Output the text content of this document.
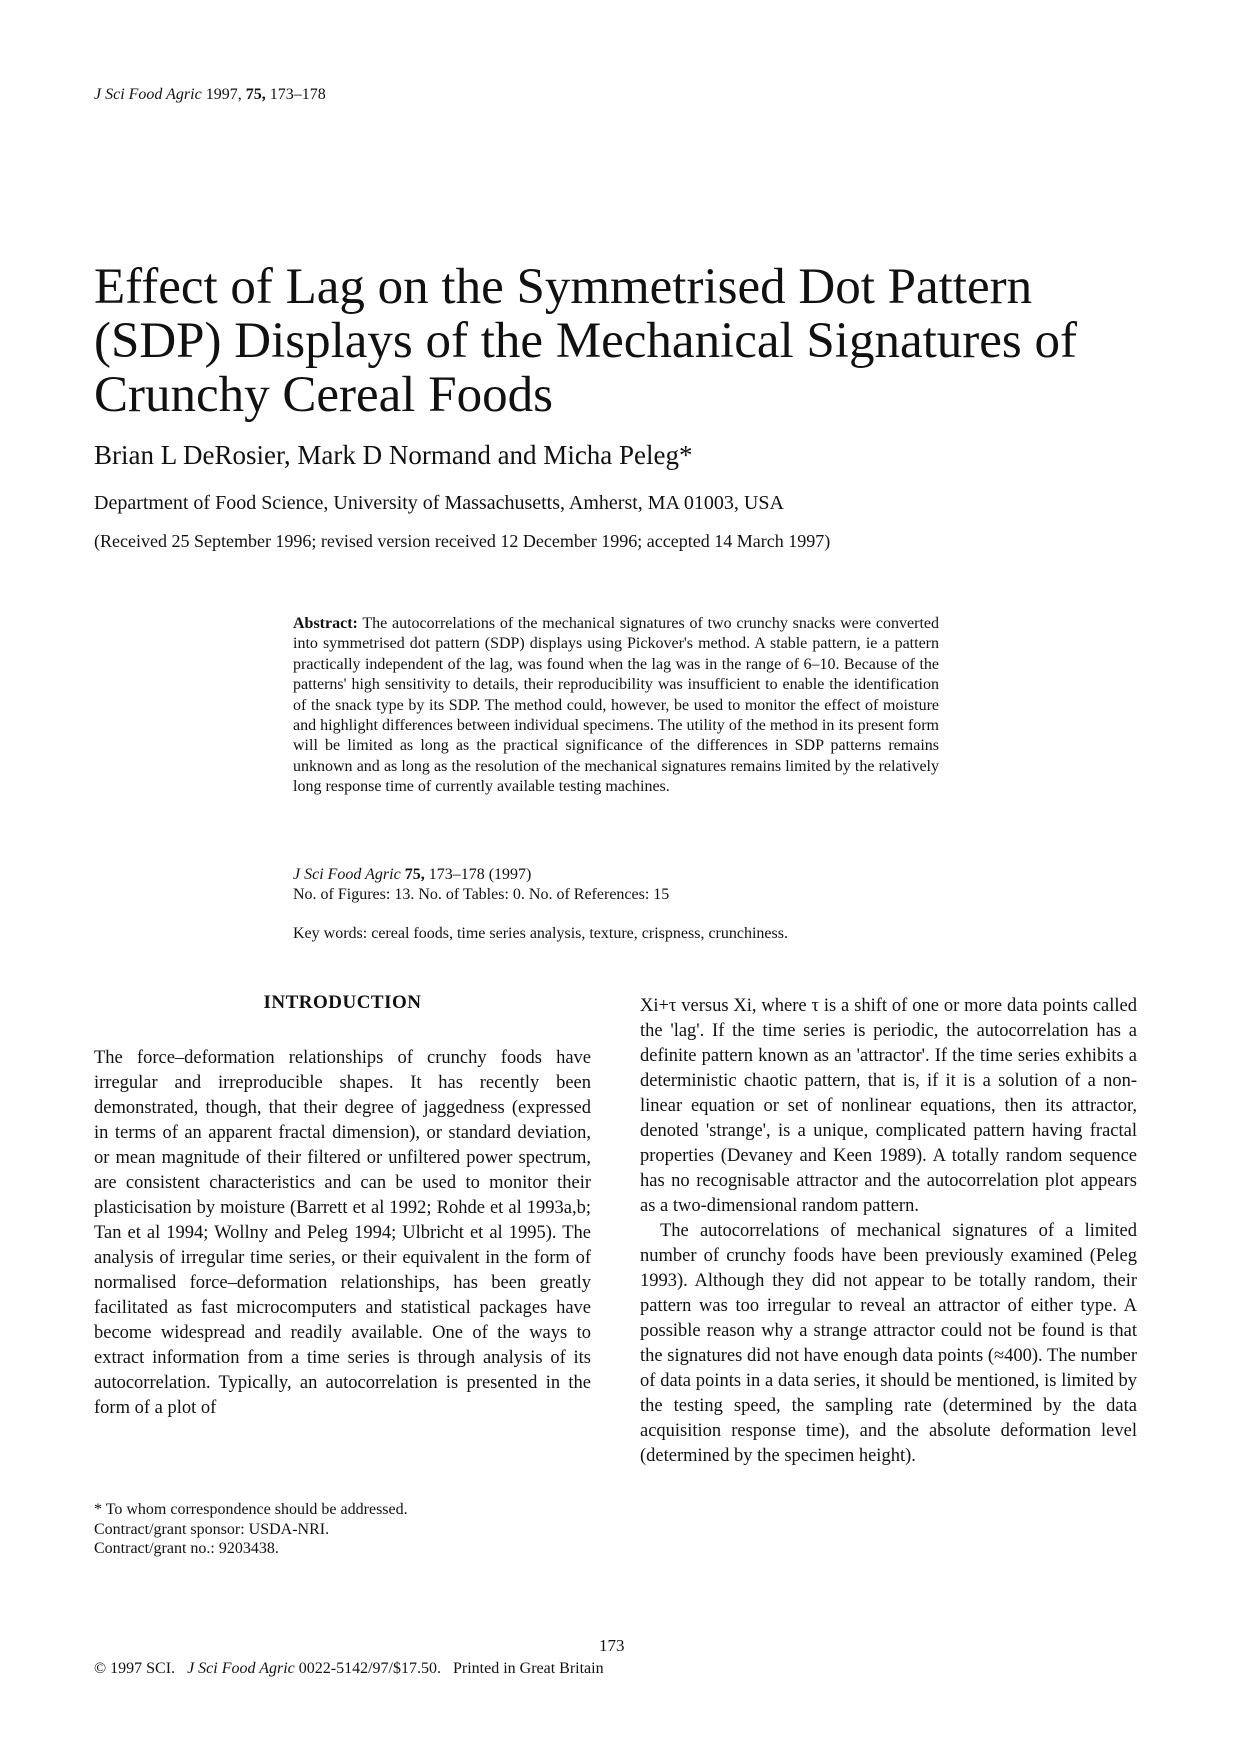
J Sci Food Agric 1997, 75, 173–178
Effect of Lag on the Symmetrised Dot Pattern (SDP) Displays of the Mechanical Signatures of Crunchy Cereal Foods
Brian L DeRosier, Mark D Normand and Micha Peleg*
Department of Food Science, University of Massachusetts, Amherst, MA 01003, USA
(Received 25 September 1996; revised version received 12 December 1996; accepted 14 March 1997)
Abstract: The autocorrelations of the mechanical signatures of two crunchy snacks were converted into symmetrised dot pattern (SDP) displays using Pickover's method. A stable pattern, ie a pattern practically independent of the lag, was found when the lag was in the range of 6–10. Because of the patterns' high sensitivity to details, their reproducibility was insufficient to enable the identification of the snack type by its SDP. The method could, however, be used to monitor the effect of moisture and highlight differences between individual specimens. The utility of the method in its present form will be limited as long as the practical significance of the differences in SDP patterns remains unknown and as long as the resolution of the mechanical signatures remains limited by the relatively long response time of currently available testing machines.
J Sci Food Agric 75, 173–178 (1997)
No. of Figures: 13. No. of Tables: 0. No. of References: 15
Key words: cereal foods, time series analysis, texture, crispness, crunchiness.
INTRODUCTION

The force–deformation relationships of crunchy foods have irregular and irreproducible shapes. It has recently been demonstrated, though, that their degree of jaggedness (expressed in terms of an apparent fractal dimension), or standard deviation, or mean magnitude of their filtered or unfiltered power spectrum, are consistent characteristics and can be used to monitor their plasticisation by moisture (Barrett et al 1992; Rohde et al 1993a,b; Tan et al 1994; Wollny and Peleg 1994; Ulbricht et al 1995). The analysis of irregular time series, or their equivalent in the form of normalised force–deformation relationships, has been greatly facilitated as fast microcomputers and statistical packages have become widespread and readily available. One of the ways to extract information from a time series is through analysis of its autocorrelation. Typically, an autocorrelation is presented in the form of a plot of

Xi+τ versus Xi, where τ is a shift of one or more data points called the 'lag'. If the time series is periodic, the autocorrelation has a definite pattern known as an 'attractor'. If the time series exhibits a deterministic chaotic pattern, that is, if it is a solution of a non-linear equation or set of nonlinear equations, then its attractor, denoted 'strange', is a unique, complicated pattern having fractal properties (Devaney and Keen 1989). A totally random sequence has no recognisable attractor and the autocorrelation plot appears as a two-dimensional random pattern.

The autocorrelations of mechanical signatures of a limited number of crunchy foods have been previously examined (Peleg 1993). Although they did not appear to be totally random, their pattern was too irregular to reveal an attractor of either type. A possible reason why a strange attractor could not be found is that the signatures did not have enough data points (≈400). The number of data points in a data series, it should be mentioned, is limited by the testing speed, the sampling rate (determined by the data acquisition response time), and the absolute deformation level (determined by the specimen height).

* To whom correspondence should be addressed.
Contract/grant sponsor: USDA-NRI.
Contract/grant no.: 9203438.
173
© 1997 SCI. J Sci Food Agric 0022-5142/97/$17.50. Printed in Great Britain
